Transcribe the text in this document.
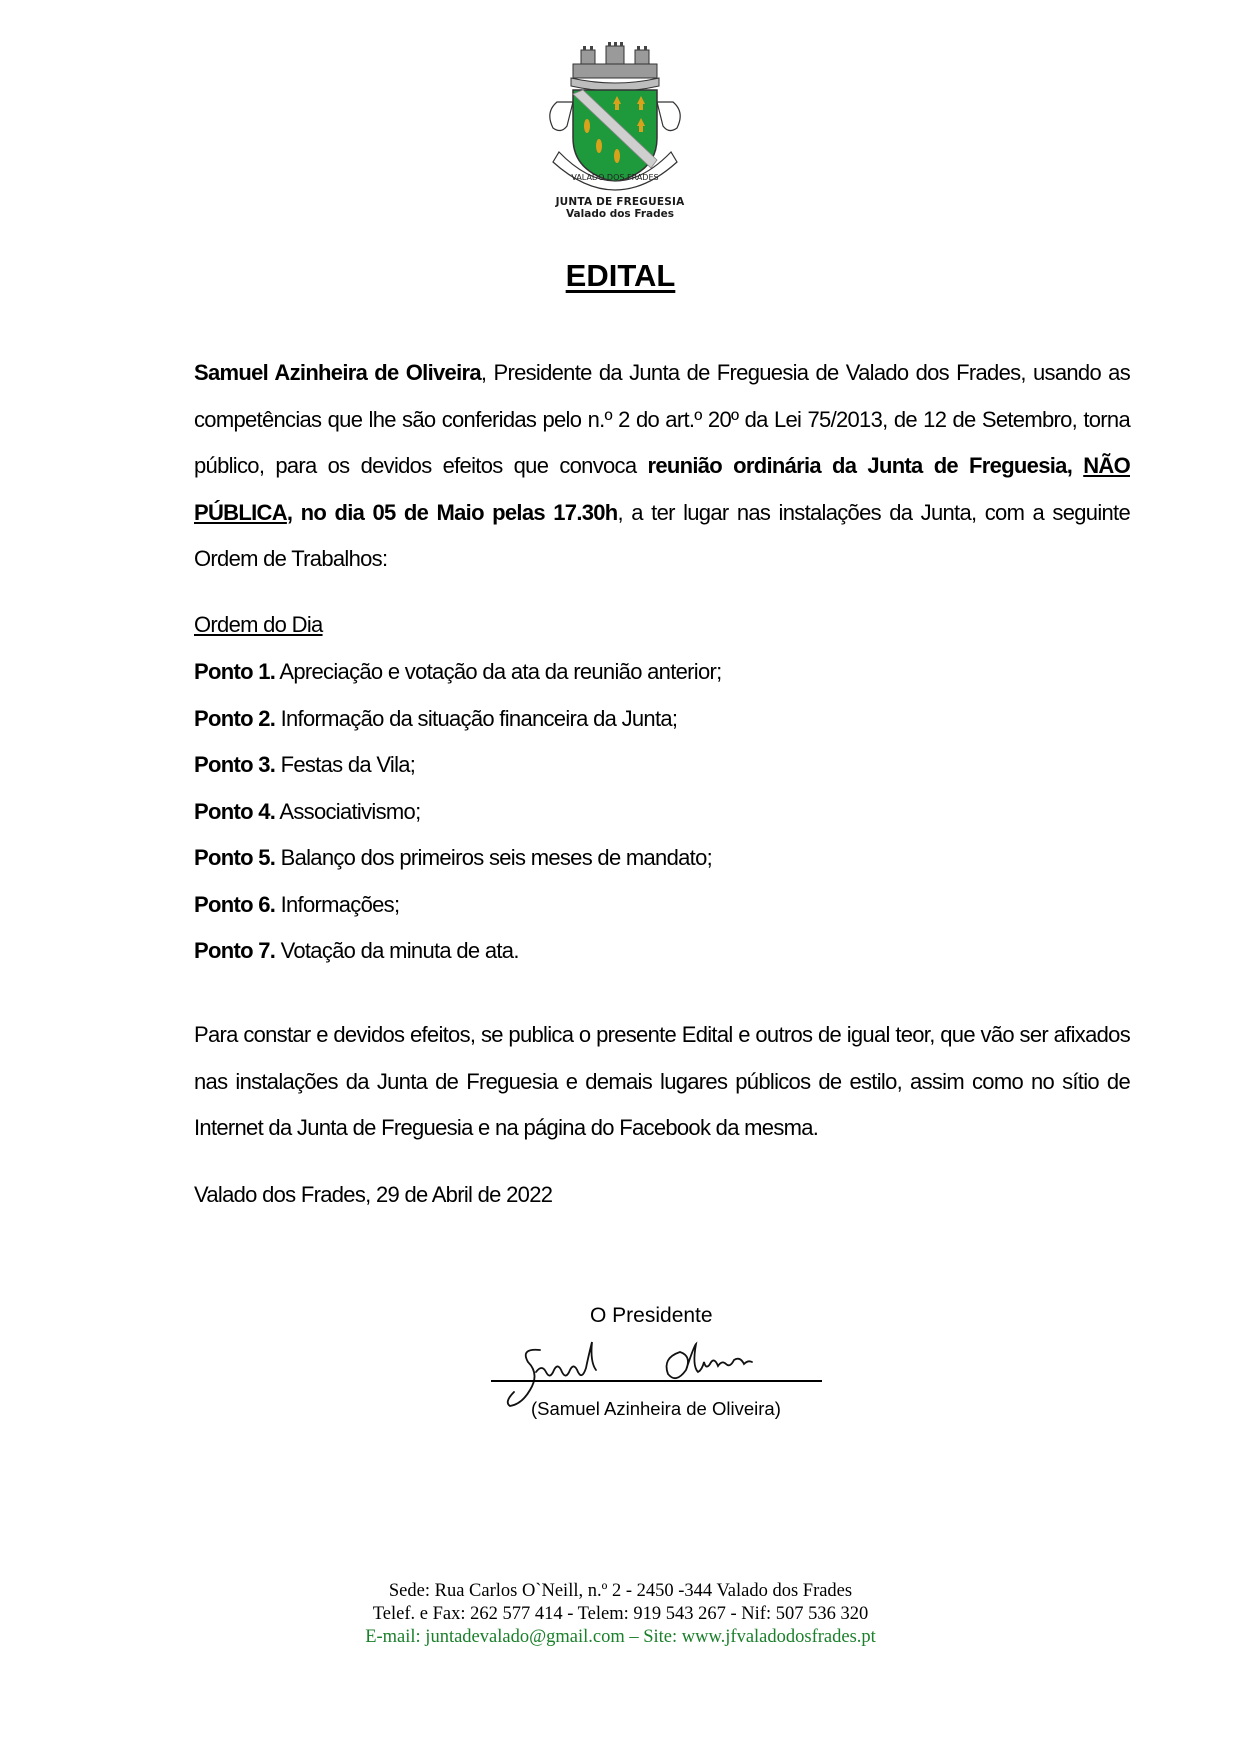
VALADO DOS FRADES
JUNTA DE FREGUESIA
Valado dos Frades
EDITAL
Samuel Azinheira de Oliveira, Presidente da Junta de Freguesia de Valado dos Frades, usando as competências que lhe são conferidas pelo n.º 2 do art.º 20º da Lei 75/2013, de 12 de Setembro, torna público, para os devidos efeitos que convoca reunião ordinária da Junta de Freguesia, NÃO PÚBLICA, no dia 05 de Maio pelas 17.30h, a ter lugar nas instalações da Junta, com a seguinte Ordem de Trabalhos:
Ordem do Dia
Ponto 1. Apreciação e votação da ata da reunião anterior;
Ponto 2. Informação da situação financeira da Junta;
Ponto 3. Festas da Vila;
Ponto 4. Associativismo;
Ponto 5. Balanço dos primeiros seis meses de mandato;
Ponto 6. Informações;
Ponto 7. Votação da minuta de ata.
Para constar e devidos efeitos, se publica o presente Edital e outros de igual teor, que vão ser afixados nas instalações da Junta de Freguesia e demais lugares públicos de estilo, assim como no sítio de Internet da Junta de Freguesia e na página do Facebook da mesma.
Valado dos Frades, 29 de Abril de 2022
O Presidente
(Samuel Azinheira de Oliveira)
Sede: Rua Carlos O`Neill, n.º 2 - 2450 -344 Valado dos Frades
Telef. e Fax: 262 577 414 - Telem: 919 543 267 - Nif: 507 536 320
E-mail: juntadevalado@gmail.com – Site: www.jfvaladodosfrades.pt
